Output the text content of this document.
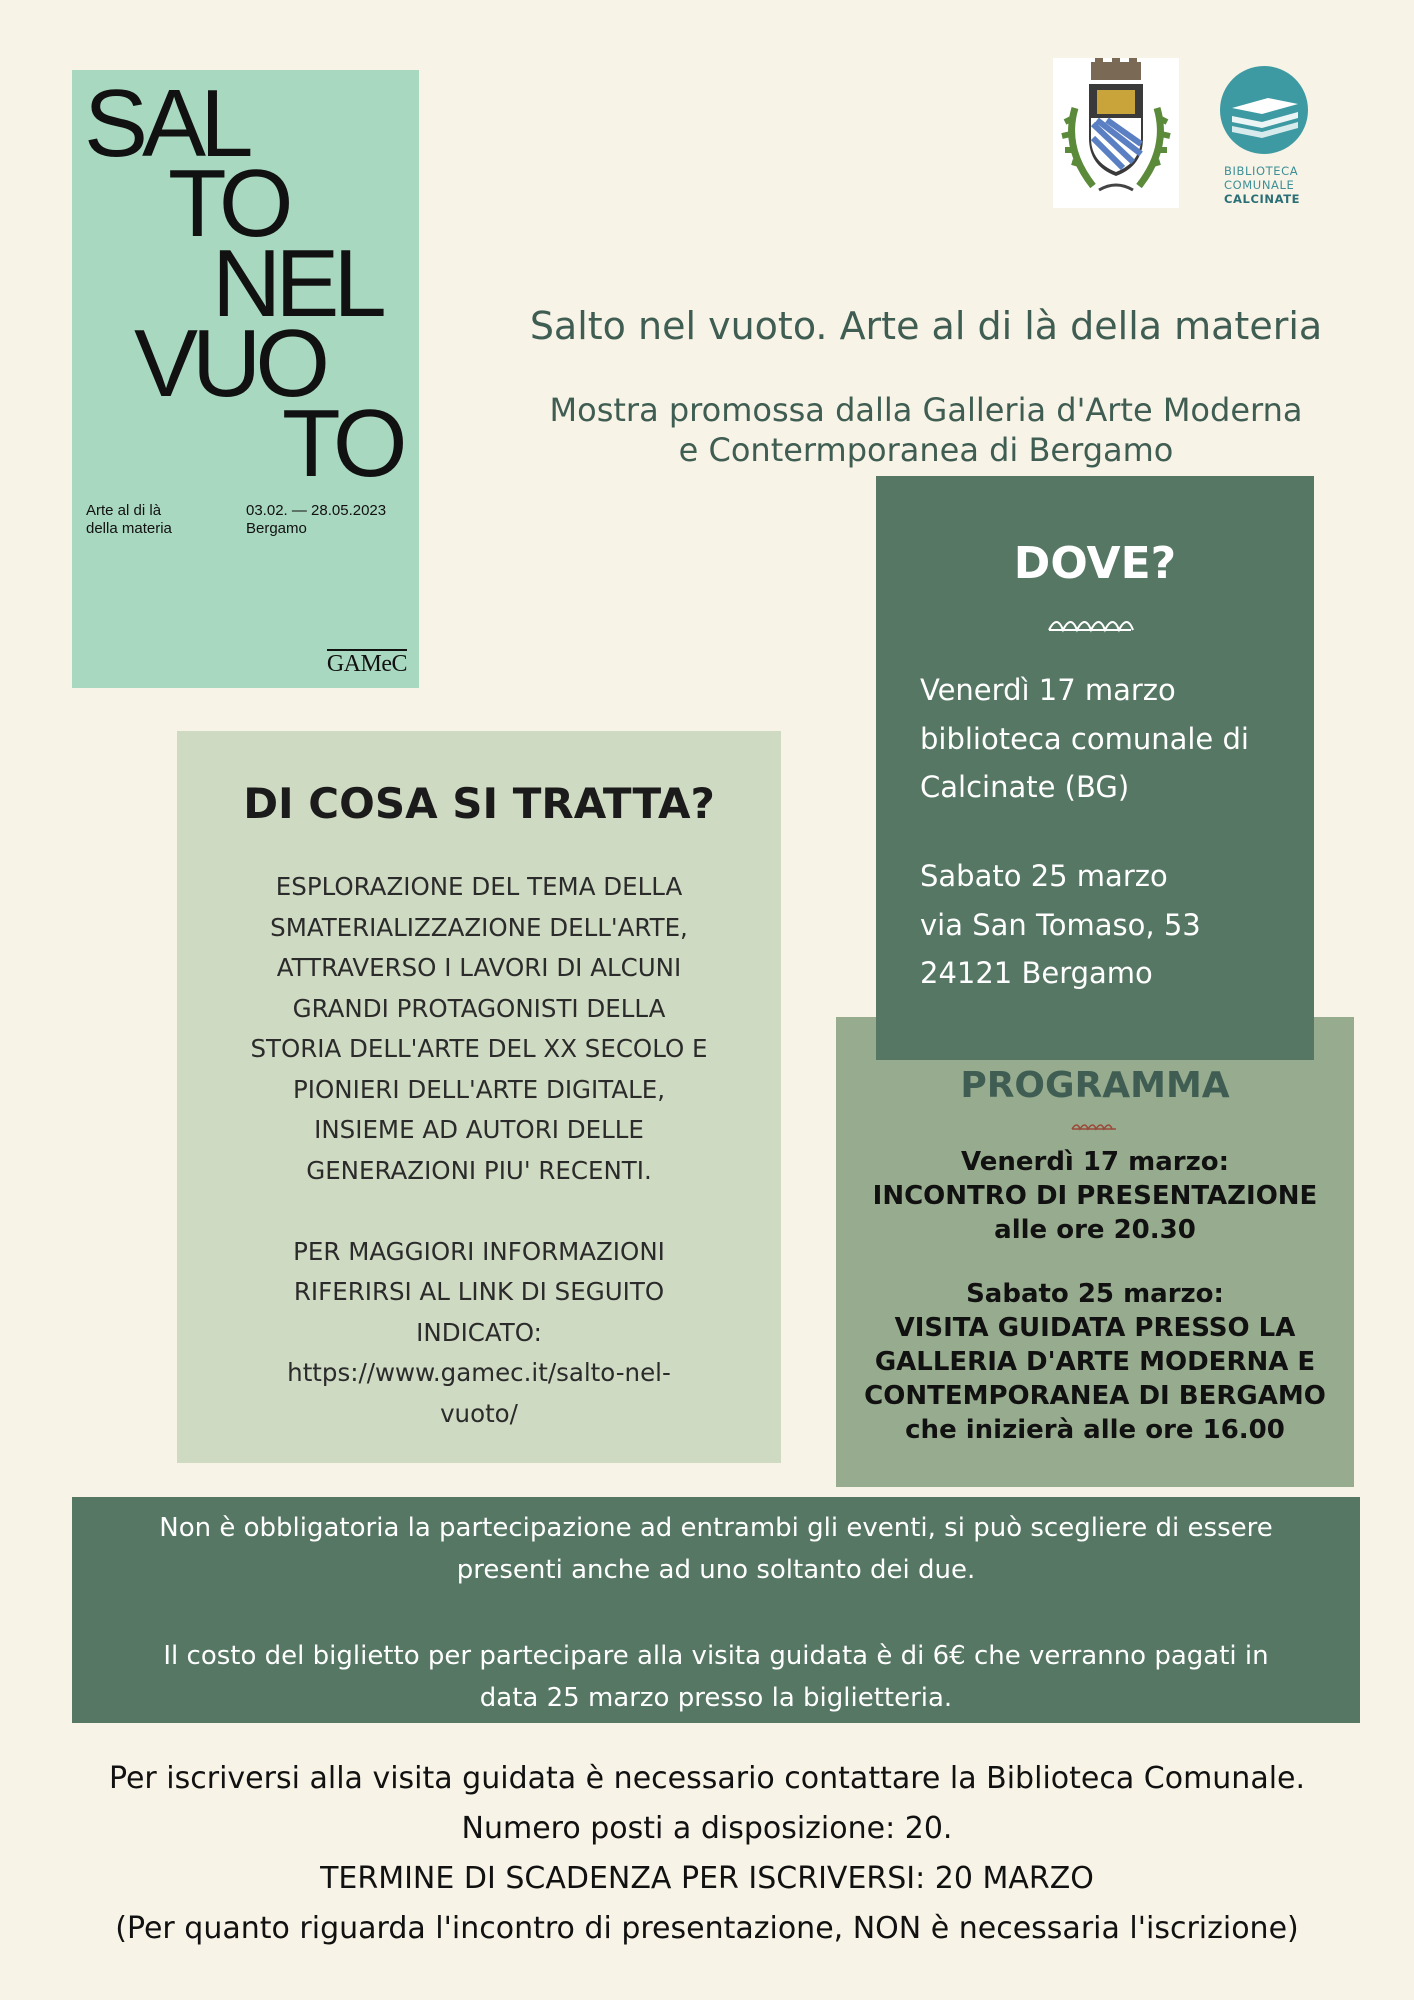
SAL
TO
NEL
VUO
TO
Arte al di là
della materia
03.02. — 28.05.2023
Bergamo
GAMeC
BIBLIOTECA
COMUNALE
CALCINATE
Salto nel vuoto. Arte al di là della materia
Mostra promossa dalla Galleria d'Arte Moderna
e Contermporanea di Bergamo
DI COSA SI TRATTA?

ESPLORAZIONE DEL TEMA DELLA
SMATERIALIZZAZIONE DELL'ARTE,
ATTRAVERSO I LAVORI DI ALCUNI
GRANDI PROTAGONISTI DELLA
STORIA DELL'ARTE DEL XX SECOLO E
PIONIERI DELL'ARTE DIGITALE,
INSIEME AD AUTORI DELLE
GENERAZIONI PIU' RECENTI.

PER MAGGIORI INFORMAZIONI
RIFERIRSI AL LINK DI SEGUITO
INDICATO:
https://www.gamec.it/salto-nel-
vuoto/

PROGRAMMA
Venerdì 17 marzo:
INCONTRO DI PRESENTAZIONE
alle ore 20.30
Sabato 25 marzo:
VISITA GUIDATA PRESSO LA
GALLERIA D'ARTE MODERNA E
CONTEMPORANEA DI BERGAMO
che inizierà alle ore 16.00
DOVE?
Venerdì 17 marzo
biblioteca comunale di
Calcinate (BG)
Sabato 25 marzo
via San Tomaso, 53
24121 Bergamo
Non è obbligatoria la partecipazione ad entrambi gli eventi, si può scegliere di essere
presenti anche ad uno soltanto dei due.
Il costo del biglietto per partecipare alla visita guidata è di 6€ che verranno pagati in
data 25 marzo presso la biglietteria.
Per iscriversi alla visita guidata è necessario contattare la Biblioteca Comunale.
Numero posti a disposizione: 20.
TERMINE DI SCADENZA PER ISCRIVERSI: 20 MARZO
(Per quanto riguarda l'incontro di presentazione, NON è necessaria l'iscrizione)
